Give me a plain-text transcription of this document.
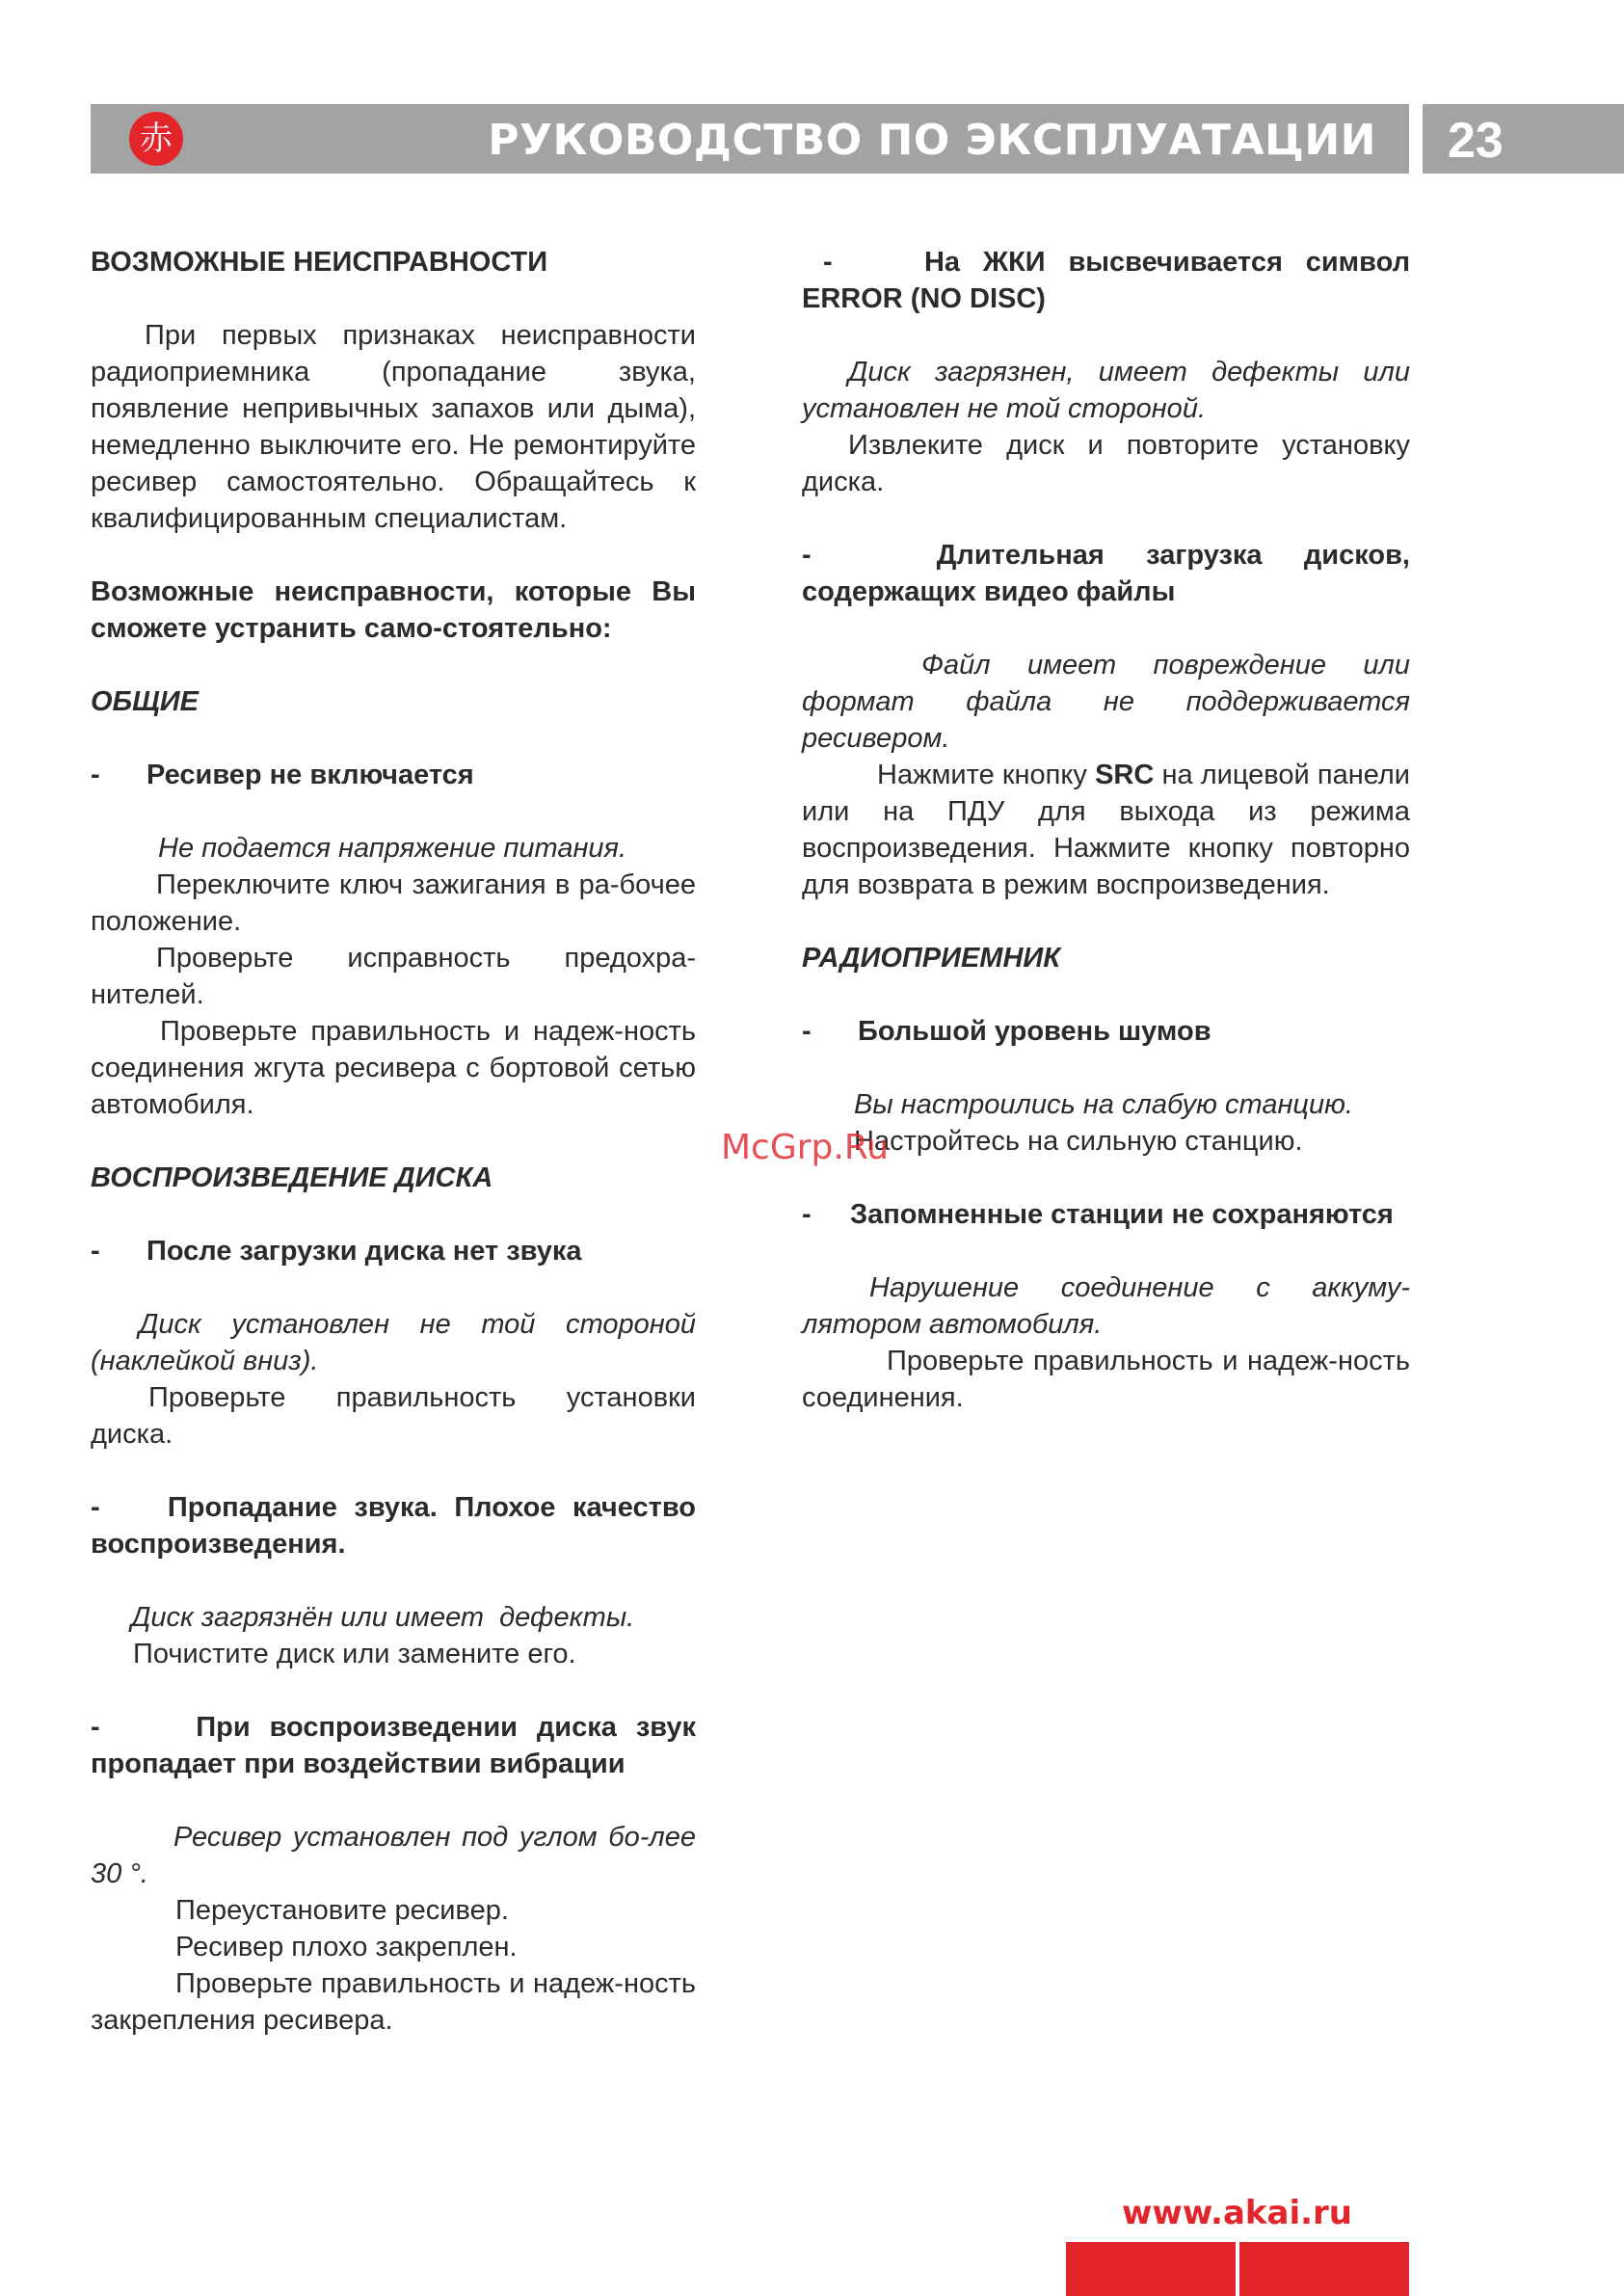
赤	РУКОВОДСТВО ПО ЭКСПЛУАТАЦИИ 23

ВОЗМОЖНЫЕ НЕИСПРАВНОСТИ

При первых признаках неисправности радиоприемника (пропадание звука, появление непривычных запахов или дыма), немедленно выключите его. Не ремонтируйте ресивер самостоятельно. Обращайтесь к квалифицированным специалистам.

Возможные неисправности, которые Вы сможете устранить само-стоятельно:

ОБЩИЕ

-      Ресивер не включается

Не подается напряжение питания.

Переключите ключ зажигания в ра-бочее положение.

Проверьте исправность предохра-нителей.

Проверьте правильность и надеж-ность соединения жгута ресивера с бортовой сетью автомобиля.

ВОСПРОИЗВЕДЕНИЕ ДИСКА

-      После загрузки диска нет звука

Диск установлен не той стороной (наклейкой вниз).

Проверьте правильность установки диска.

-    Пропадание звука. Плохое качество воспроизведения.

Диск загрязнён или имеет  дефекты.

Почистите диск или замените его.

-     При воспроизведении диска звук пропадает при воздействии вибрации

Ресивер установлен под углом бо-лее 30 °.

Переустановите ресивер.

Ресивер плохо закреплен.

Проверьте правильность и надеж-ность закрепления ресивера.

-    На ЖКИ высвечивается символ ERROR (NO DISC)

Диск загрязнен, имеет дефекты или установлен не той стороной.

Извлеките диск и повторите установку диска.

-   Длительная загрузка дисков, содержащих видео файлы

Файл имеет повреждение или формат файла не поддерживается ресивером.

Нажмите кнопку SRC на лицевой панели или на ПДУ для выхода из режима воспроизведения. Нажмите кнопку повторно для возврата в режим воспроизведения.

РАДИОПРИЕМНИК

-      Большой уровень шумов

Вы настроились на слабую станцию.

Настройтесь на сильную станцию.

-     Запомненные станции не сохраняются

Нарушение соединение с аккуму-лятором автомобиля.

Проверьте правильность и надеж-ность соединения.

McGrp.Ru
www.akai.ru
